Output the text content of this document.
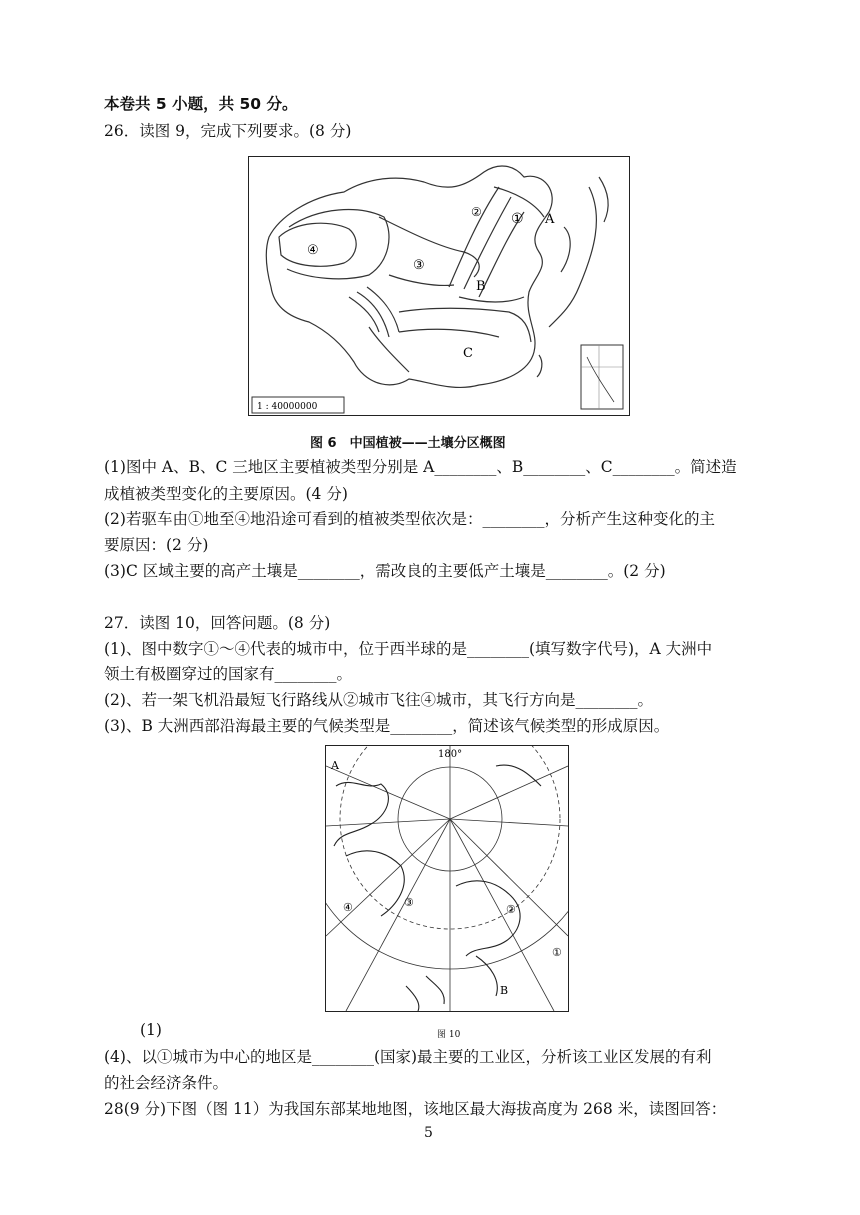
本卷共 5 小题，共 50 分。
26．读图 9，完成下列要求。(8 分)
1 : 40000000
①
②
③
④
A
B
C
图 6　中国植被——土壤分区概图
(1)图中 A、B、C 三地区主要植被类型分别是 A________、B________、C________。简述造
成植被类型变化的主要原因。(4 分)
(2)若驱车由①地至④地沿途可看到的植被类型依次是：________，分析产生这种变化的主
要原因：(2 分)
(3)C 区域主要的高产土壤是________，需改良的主要低产土壤是________。(2 分)
27．读图 10，回答问题。(8 分)
(1)、图中数字①～④代表的城市中，位于西半球的是________(填写数字代号)，A 大洲中
领土有极圈穿过的国家有________。
(2)、若一架飞机沿最短飞行路线从②城市飞往④城市，其飞行方向是________。
(3)、B 大洲西部沿海最主要的气候类型是________，简述该气候类型的形成原因。
180°
A
B
①
②
③
④
(1)	图 10
(4)、以①城市为中心的地区是________(国家)最主要的工业区，分析该工业区发展的有利
的社会经济条件。
28(9 分)下图（图 11）为我国东部某地地图，该地区最大海拔高度为 268 米，读图回答：
5
